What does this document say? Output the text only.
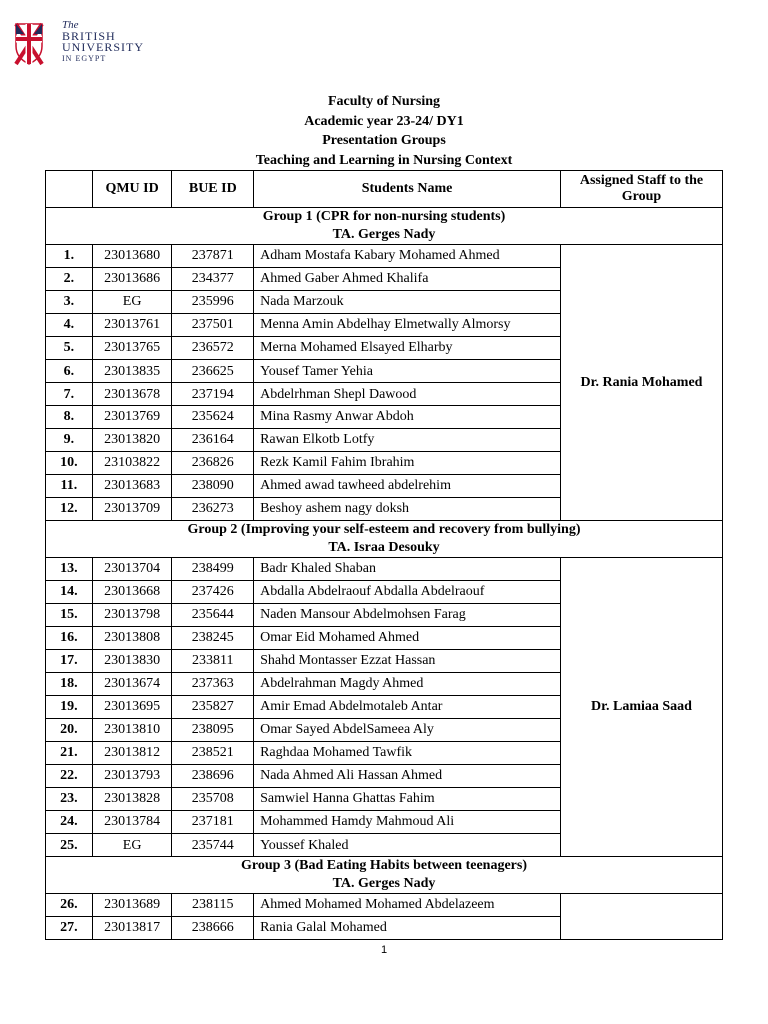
The
BRITISH
UNIVERSITY
IN EGYPT
Faculty of Nursing
Academic year 23-24/ DY1
Presentation Groups
Teaching and Learning in Nursing Context
	QMU ID	BUE ID	Students Name	Assigned Staff to the Group

Group 1 (CPR for non-nursing students)
TA. Gerges Nady				

1.	23013680	237871	Adham Mostafa Kabary Mohamed Ahmed	Dr. Rania Mohamed
2.	23013686	234377	Ahmed Gaber Ahmed Khalifa	
3.	EG	235996	Nada Marzouk	
4.	23013761	237501	Menna Amin Abdelhay Elmetwally Almorsy	
5.	23013765	236572	Merna Mohamed Elsayed Elharby	
6.	23013835	236625	Yousef Tamer Yehia	
7.	23013678	237194	Abdelrhman Shepl Dawood	
8.	23013769	235624	Mina Rasmy Anwar Abdoh	
9.	23013820	236164	Rawan Elkotb Lotfy	
10.	23103822	236826	Rezk Kamil Fahim Ibrahim	
11.	23013683	238090	Ahmed awad tawheed abdelrehim	
12.	23013709	236273	Beshoy ashem nagy doksh	

Group 2 (Improving your self-esteem and recovery from bullying)
TA. Israa Desouky				

13.	23013704	238499	Badr Khaled Shaban	Dr. Lamiaa Saad
14.	23013668	237426	Abdalla Abdelraouf Abdalla Abdelraouf	
15.	23013798	235644	Naden Mansour Abdelmohsen Farag	
16.	23013808	238245	Omar Eid Mohamed Ahmed	
17.	23013830	233811	Shahd Montasser Ezzat Hassan	
18.	23013674	237363	Abdelrahman Magdy Ahmed	
19.	23013695	235827	Amir Emad Abdelmotaleb Antar	
20.	23013810	238095	Omar Sayed AbdelSameea Aly	
21.	23013812	238521	Raghdaa Mohamed Tawfik	
22.	23013793	238696	Nada Ahmed Ali Hassan Ahmed	
23.	23013828	235708	Samwiel Hanna Ghattas Fahim	
24.	23013784	237181	Mohammed Hamdy Mahmoud Ali	
25.	EG	235744	Youssef Khaled	

Group 3 (Bad Eating Habits between teenagers)
TA. Gerges Nady				

26.	23013689	238115	Ahmed Mohamed Mohamed Abdelazeem	
27.	23013817	238666	Rania Galal Mohamed	
1
